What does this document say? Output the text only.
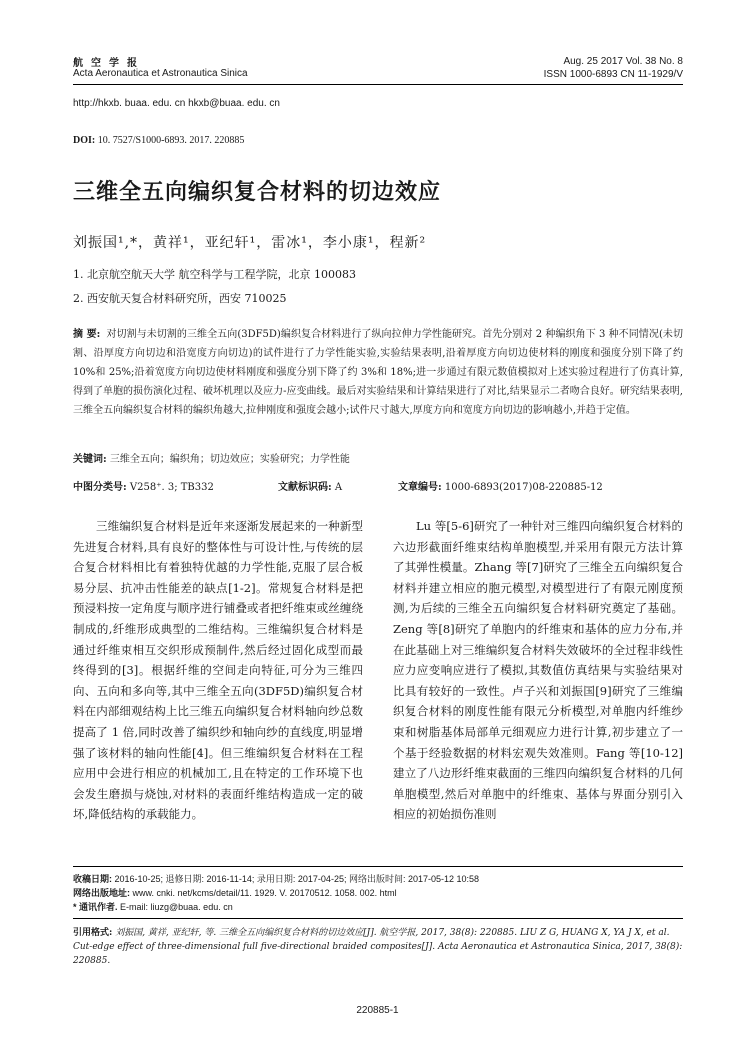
航空学报
Acta Aeronautica et Astronautica Sinica
Aug. 25 2017 Vol. 38 No. 8
ISSN 1000-6893 CN 11-1929/V
http://hkxb. buaa. edu. cn hkxb@buaa. edu. cn
DOI: 10. 7527/S1000-6893. 2017. 220885
三维全五向编织复合材料的切边效应
刘振国¹,*，黄祥¹，亚纪轩¹，雷冰¹，李小康¹，程新²
1. 北京航空航天大学 航空科学与工程学院，北京 100083
2. 西安航天复合材料研究所，西安 710025
摘 要: 对切割与未切割的三维全五向(3DF5D)编织复合材料进行了纵向拉伸力学性能研究。首先分别对 2 种编织角下 3 种不同情况(未切割、沿厚度方向切边和沿宽度方向切边)的试件进行了力学性能实验,实验结果表明,沿着厚度方向切边使材料的刚度和强度分别下降了约 10%和 25%;沿着宽度方向切边使材料刚度和强度分别下降了约 3%和 18%;进一步通过有限元数值模拟对上述实验过程进行了仿真计算,得到了单胞的损伤演化过程、破坏机理以及应力-应变曲线。最后对实验结果和计算结果进行了对比,结果显示二者吻合良好。研究结果表明,三维全五向编织复合材料的编织角越大,拉伸刚度和强度会越小;试件尺寸越大,厚度方向和宽度方向切边的影响越小,并趋于定值。
关键词: 三维全五向；编织角；切边效应；实验研究；力学性能
中图分类号: V258⁺. 3; TB332	文献标识码: A	文章编号: 1000-6893(2017)08-220885-12

三维编织复合材料是近年来逐渐发展起来的一种新型先进复合材料,具有良好的整体性与可设计性,与传统的层合复合材料相比有着独特优越的力学性能,克服了层合板易分层、抗冲击性能差的缺点[1-2]。常规复合材料是把预浸料按一定角度与顺序进行铺叠或者把纤维束或丝缠绕制成的,纤维形成典型的二维结构。三维编织复合材料是通过纤维束相互交织形成预制件,然后经过固化成型而最终得到的[3]。根据纤维的空间走向特征,可分为三维四向、五向和多向等,其中三维全五向(3DF5D)编织复合材料在内部细观结构上比三维五向编织复合材料轴向纱总数提高了 1 倍,同时改善了编织纱和轴向纱的直线度,明显增强了该材料的轴向性能[4]。但三维编织复合材料在工程应用中会进行相应的机械加工,且在特定的工作环境下也会发生磨损与烧蚀,对材料的表面纤维结构造成一定的破坏,降低结构的承载能力。

Lu 等[5-6]研究了一种针对三维四向编织复合材料的六边形截面纤维束结构单胞模型,并采用有限元方法计算了其弹性模量。Zhang 等[7]研究了三维全五向编织复合材料并建立相应的胞元模型,对模型进行了有限元刚度预测,为后续的三维全五向编织复合材料研究奠定了基础。Zeng 等[8]研究了单胞内的纤维束和基体的应力分布,并在此基础上对三维编织复合材料失效破坏的全过程非线性应力应变响应进行了模拟,其数值仿真结果与实验结果对比具有较好的一致性。卢子兴和刘振国[9]研究了三维编织复合材料的刚度性能有限元分析模型,对单胞内纤维纱束和树脂基体局部单元细观应力进行计算,初步建立了一个基于经验数据的材料宏观失效准则。Fang 等[10-12]建立了八边形纤维束截面的三维四向编织复合材料的几何单胞模型,然后对单胞中的纤维束、基体与界面分别引入相应的初始损伤准则

收稿日期: 2016-10-25; 退修日期: 2016-11-14; 录用日期: 2017-04-25; 网络出版时间: 2017-05-12 10:58
网络出版地址: www. cnki. net/kcms/detail/11. 1929. V. 20170512. 1058. 002. html
* 通讯作者. E-mail: liuzg@buaa. edu. cn
引用格式: 刘振国, 黄祥, 亚纪轩, 等. 三维全五向编织复合材料的切边效应[J]. 航空学报, 2017, 38(8): 220885. LIU Z G, HUANG X, YA J X, et al. Cut-edge effect of three-dimensional full five-directional braided composites[J]. Acta Aeronautica et Astronautica Sinica, 2017, 38(8): 220885.
220885-1
